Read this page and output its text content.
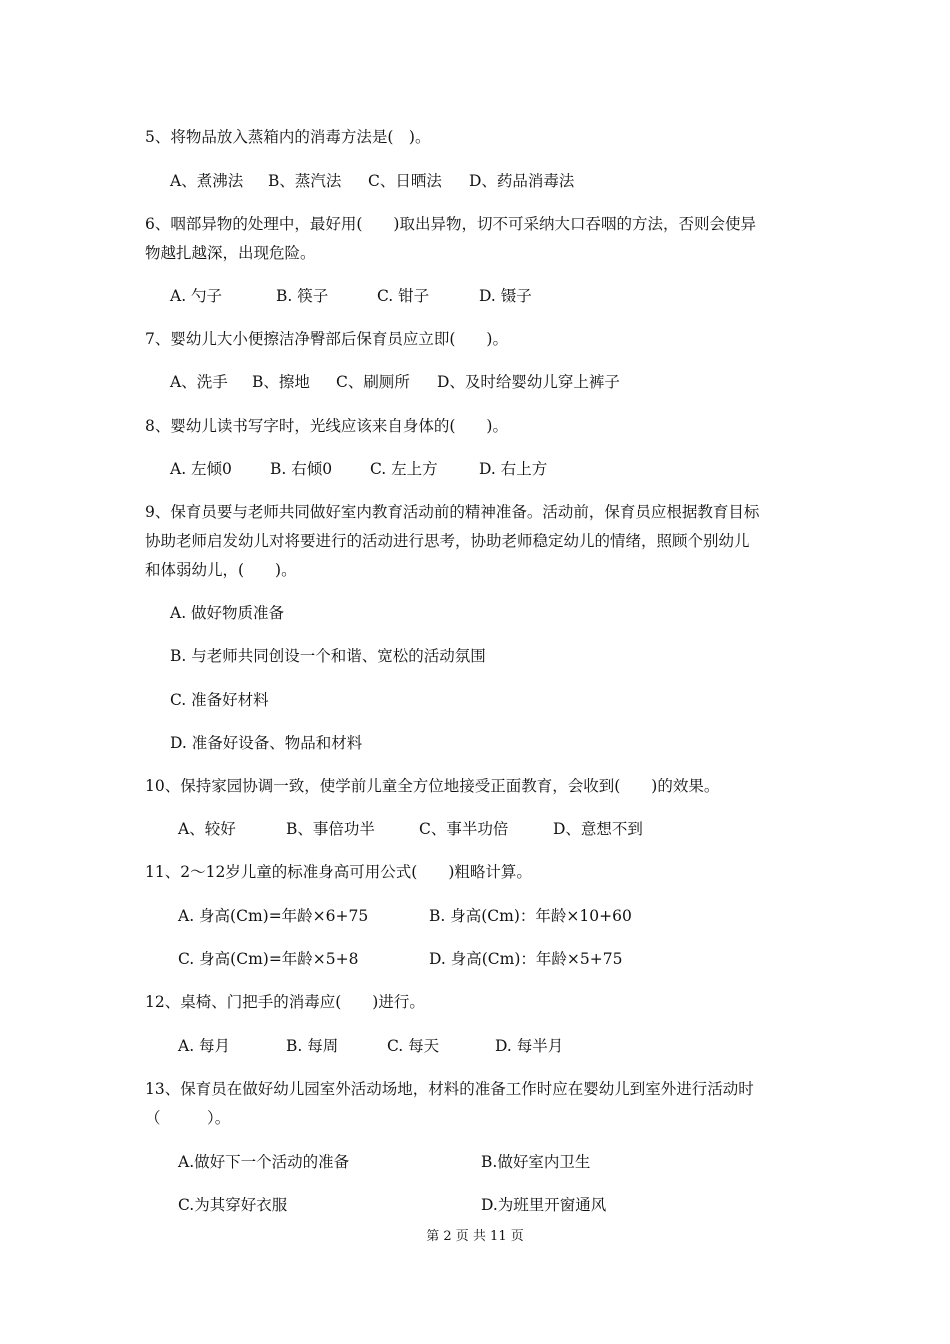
5、将物品放入蒸箱内的消毒方法是(　)。
A、煮沸法 B、蒸汽法 C、日晒法 D、药品消毒法
6、咽部异物的处理中，最好用(　　)取出异物，切不可采纳大口吞咽的方法，否则会使异
物越扎越深，出现危险。
A. 勺子	B. 筷子	C. 钳子	D. 镊子
7、婴幼儿大小便擦洁净臀部后保育员应立即(　　)。
A、洗手 B、擦地 C、刷厕所 D、及时给婴幼儿穿上裤子
8、婴幼儿读书写字时，光线应该来自身体的(　　)。
A. 左倾0 B. 右倾0 C. 左上方	D. 右上方
9、保育员要与老师共同做好室内教育活动前的精神准备。活动前，保育员应根据教育目标
协助老师启发幼儿对将要进行的活动进行思考，协助老师稳定幼儿的情绪，照顾个别幼儿
和体弱幼儿，(　　)。
A. 做好物质准备
B. 与老师共同创设一个和谐、宽松的活动氛围
C. 准备好材料
D. 准备好设备、物品和材料
10、保持家园协调一致，使学前儿童全方位地接受正面教育，会收到(　　)的效果。
A、较好	B、事倍功半	C、事半功倍	D、意想不到
11、2～12岁儿童的标准身高可用公式(　　)粗略计算。
A. 身高(Cm)=年龄×6+75	B. 身高(Cm)：年龄×10+60
C. 身高(Cm)=年龄×5+8	D. 身高(Cm)：年龄×5+75
12、桌椅、门把手的消毒应(　　)进行。
A. 每月	B. 每周	C. 每天	D. 每半月
13、保育员在做好幼儿园室外活动场地，材料的准备工作时应在婴幼儿到室外进行活动时
（　　　）。
A.做好下一个活动的准备	B.做好室内卫生
C.为其穿好衣服	D.为班里开窗通风
第 2 页 共 11 页
